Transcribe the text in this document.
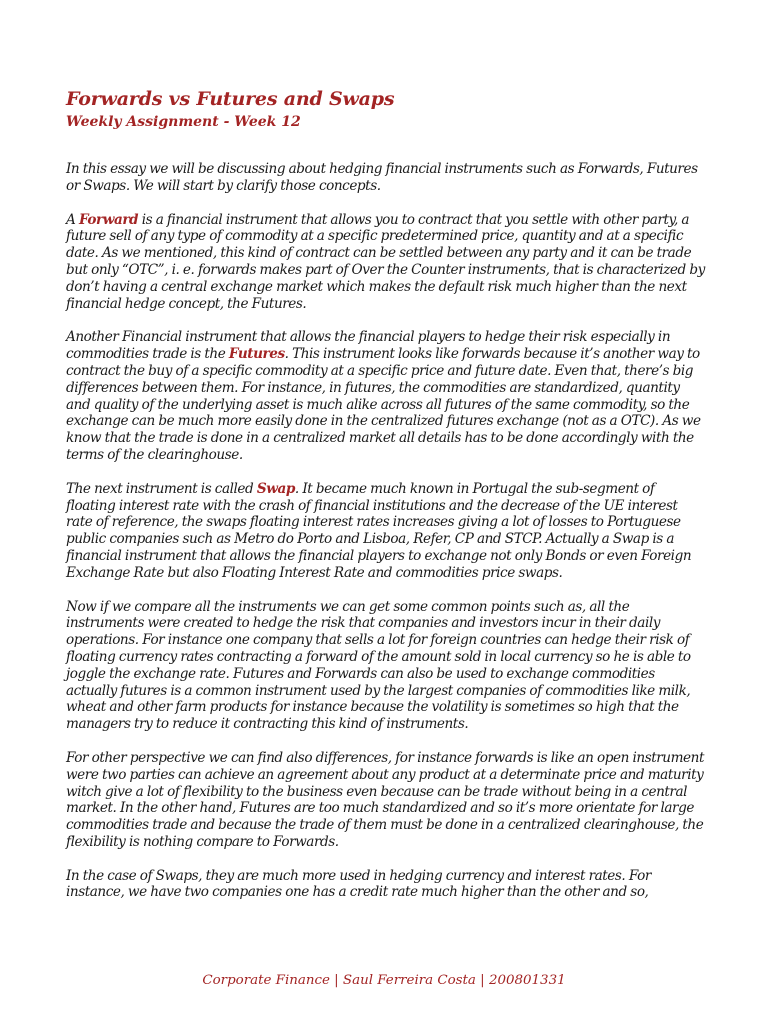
Forwards vs Futures and Swaps
Weekly Assignment - Week 12

In this essay we will be discussing about hedging financial instruments such as Forwards, Futures or Swaps. We will start by clarify those concepts.

A Forward is a financial instrument that allows you to contract that you settle with other party, a future sell of any type of commodity at a specific predetermined price, quantity and at a specific date. As we mentioned, this kind of contract can be settled between any party and it can be trade but only “OTC”, i. e. forwards makes part of Over the Counter instruments, that is characterized by don’t having a central exchange market which makes the default risk much higher than the next financial hedge concept, the Futures.

Another Financial instrument that allows the financial players to hedge their risk especially in commodities trade is the Futures. This instrument looks like forwards because it’s another way to contract the buy of a specific commodity at a specific price and future date. Even that, there’s big differences between them. For instance, in futures, the commodities are standardized, quantity and quality of the underlying asset is much alike across all futures of the same commodity, so the exchange can be much more easily done in the centralized futures exchange (not as a OTC). As we know that the trade is done in a centralized market all details has to be done accordingly with the terms of the clearinghouse.

The next instrument is called Swap. It became much known in Portugal the sub-segment of floating interest rate with the crash of financial institutions and the decrease of the UE interest rate of reference, the swaps floating interest rates increases giving a lot of losses to Portuguese public companies such as Metro do Porto and Lisboa, Refer, CP and STCP. Actually a Swap is a financial instrument that allows the financial players to exchange not only Bonds or even Foreign Exchange Rate but also Floating Interest Rate and commodities price swaps.

Now if we compare all the instruments we can get some common points such as, all the instruments were created to hedge the risk that companies and investors incur in their daily operations. For instance one company that sells a lot for foreign countries can hedge their risk of floating currency rates contracting a forward of the amount sold in local currency so he is able to joggle the exchange rate. Futures and Forwards can also be used to exchange commodities actually futures is a common instrument used by the largest companies of commodities like milk, wheat and other farm products for instance because the volatility is sometimes so high that the managers try to reduce it contracting this kind of instruments.

For other perspective we can find also differences, for instance forwards is like an open instrument were two parties can achieve an agreement about any product at a determinate price and maturity witch give a lot of flexibility to the business even because can be trade without being in a central market. In the other hand, Futures are too much standardized and so it’s more orientate for large commodities trade and because the trade of them must be done in a centralized clearinghouse, the flexibility is nothing compare to Forwards.

In the case of Swaps, they are much more used in hedging currency and interest rates. For instance, we have two companies one has a credit rate much higher than the other and so,

Corporate Finance | Saul Ferreira Costa | 200801331
